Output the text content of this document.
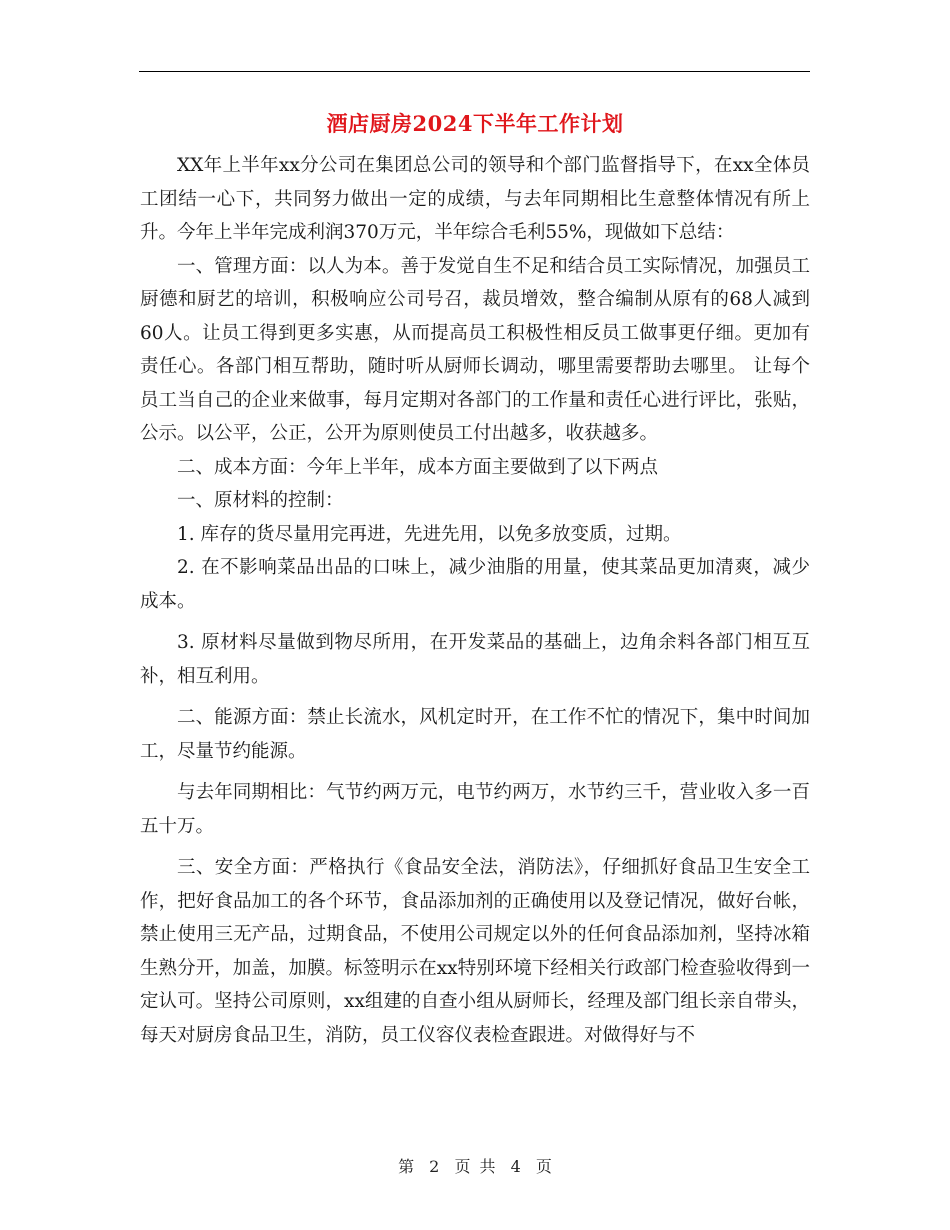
酒店厨房2024下半年工作计划

XX年上半年xx分公司在集团总公司的领导和个部门监督指导下，在xx全体员工团结一心下，共同努力做出一定的成绩，与去年同期相比生意整体情况有所上升。今年上半年完成利润370万元，半年综合毛利55%，现做如下总结：

一、管理方面：以人为本。善于发觉自生不足和结合员工实际情况，加强员工厨德和厨艺的培训，积极响应公司号召，裁员增效，整合编制从原有的68人减到60人。让员工得到更多实惠，从而提高员工积极性相反员工做事更仔细。更加有责任心。各部门相互帮助，随时听从厨师长调动，哪里需要帮助去哪里。 让每个员工当自己的企业来做事，每月定期对各部门的工作量和责任心进行评比，张贴，公示。以公平，公正，公开为原则使员工付出越多，收获越多。

二、成本方面：今年上半年，成本方面主要做到了以下两点

一、原材料的控制：

1. 库存的货尽量用完再进，先进先用，以免多放变质，过期。

2. 在不影响菜品出品的口味上，减少油脂的用量，使其菜品更加清爽，减少成本。

3. 原材料尽量做到物尽所用，在开发菜品的基础上，边角余料各部门相互互补，相互利用。

二、能源方面：禁止长流水，风机定时开，在工作不忙的情况下，集中时间加工，尽量节约能源。

与去年同期相比：气节约两万元，电节约两万，水节约三千，营业收入多一百五十万。

三、安全方面：严格执行《食品安全法，消防法》，仔细抓好食品卫生安全工作，把好食品加工的各个环节，食品添加剂的正确使用以及登记情况，做好台帐，禁止使用三无产品，过期食品，不使用公司规定以外的任何食品添加剂，坚持冰箱生熟分开，加盖，加膜。标签明示在xx特别环境下经相关行政部门检查验收得到一定认可。坚持公司原则，xx组建的自查小组从厨师长，经理及部门组长亲自带头，每天对厨房食品卫生，消防，员工仪容仪表检查跟进。对做得好与不

第 2 页 共 4 页
